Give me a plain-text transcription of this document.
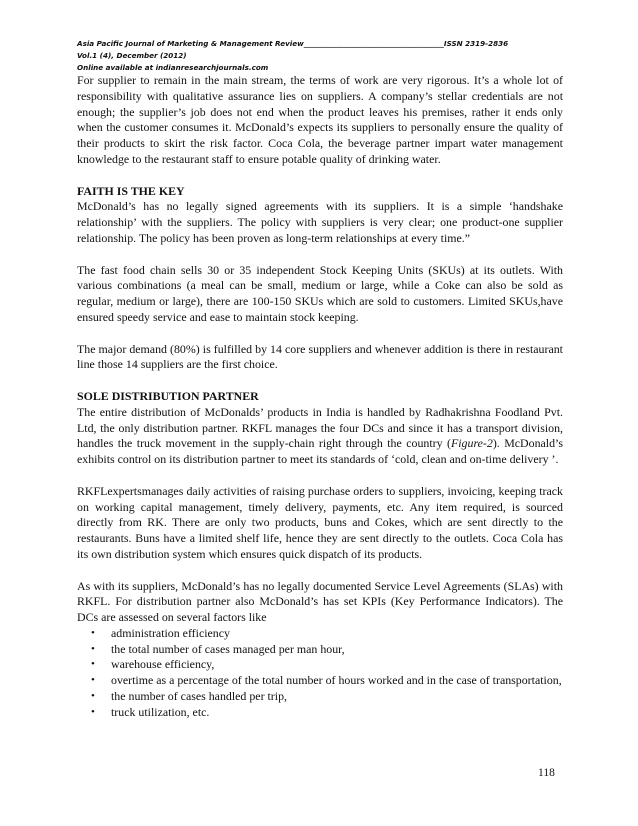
Asia Pacific Journal of Marketing & Management Review_______________________________________ISSN 2319-2836
Vol.1 (4), December (2012)
Online available at indianresearchjournals.com

For supplier to remain in the main stream, the terms of work are very rigorous. It’s a whole lot of responsibility with qualitative assurance lies on suppliers. A company’s stellar credentials are not enough; the supplier’s job does not end when the product leaves his premises, rather it ends only when the customer consumes it. McDonald’s expects its suppliers to personally ensure the quality of their products to skirt the risk factor. Coca Cola, the beverage partner impart water management knowledge to the restaurant staff to ensure potable quality of drinking water.

FAITH IS THE KEY

McDonald’s has no legally signed agreements with its suppliers. It is a simple ‘handshake relationship’ with the suppliers. The policy with suppliers is very clear; one product-one supplier relationship. The policy has been proven as long-term relationships at every time.”

The fast food chain sells 30 or 35 independent Stock Keeping Units (SKUs) at its outlets. With various combinations (a meal can be small, medium or large, while a Coke can also be sold as regular, medium or large), there are 100-150 SKUs which are sold to customers. Limited SKUs,have ensured speedy service and ease to maintain stock keeping.

The major demand (80%) is fulfilled by 14 core suppliers and whenever addition is there in restaurant line those 14 suppliers are the first choice.

SOLE DISTRIBUTION PARTNER

The entire distribution of McDonalds’ products in India is handled by Radhakrishna Foodland Pvt. Ltd, the only distribution partner. RKFL manages the four DCs and since it has a transport division, handles the truck movement in the supply-chain right through the country (Figure-2). McDonald’s exhibits control on its distribution partner to meet its standards of ‘cold, clean and on-time delivery ’.

RKFLexpertsmanages daily activities of raising purchase orders to suppliers, invoicing, keeping track on working capital management, timely delivery, payments, etc. Any item required, is sourced directly from RK. There are only two products, buns and Cokes, which are sent directly to the restaurants. Buns have a limited shelf life, hence they are sent directly to the outlets. Coca Cola has its own distribution system which ensures quick dispatch of its products.

As with its suppliers, McDonald’s has no legally documented Service Level Agreements (SLAs) with RKFL. For distribution partner also McDonald’s has set KPIs (Key Performance Indicators). The DCs are assessed on several factors like

• administration efficiency
• the total number of cases managed per man hour,
• warehouse efficiency,
• overtime as a percentage of the total number of hours worked and in the case of transportation,
• the number of cases handled per trip,
• truck utilization, etc.
118
